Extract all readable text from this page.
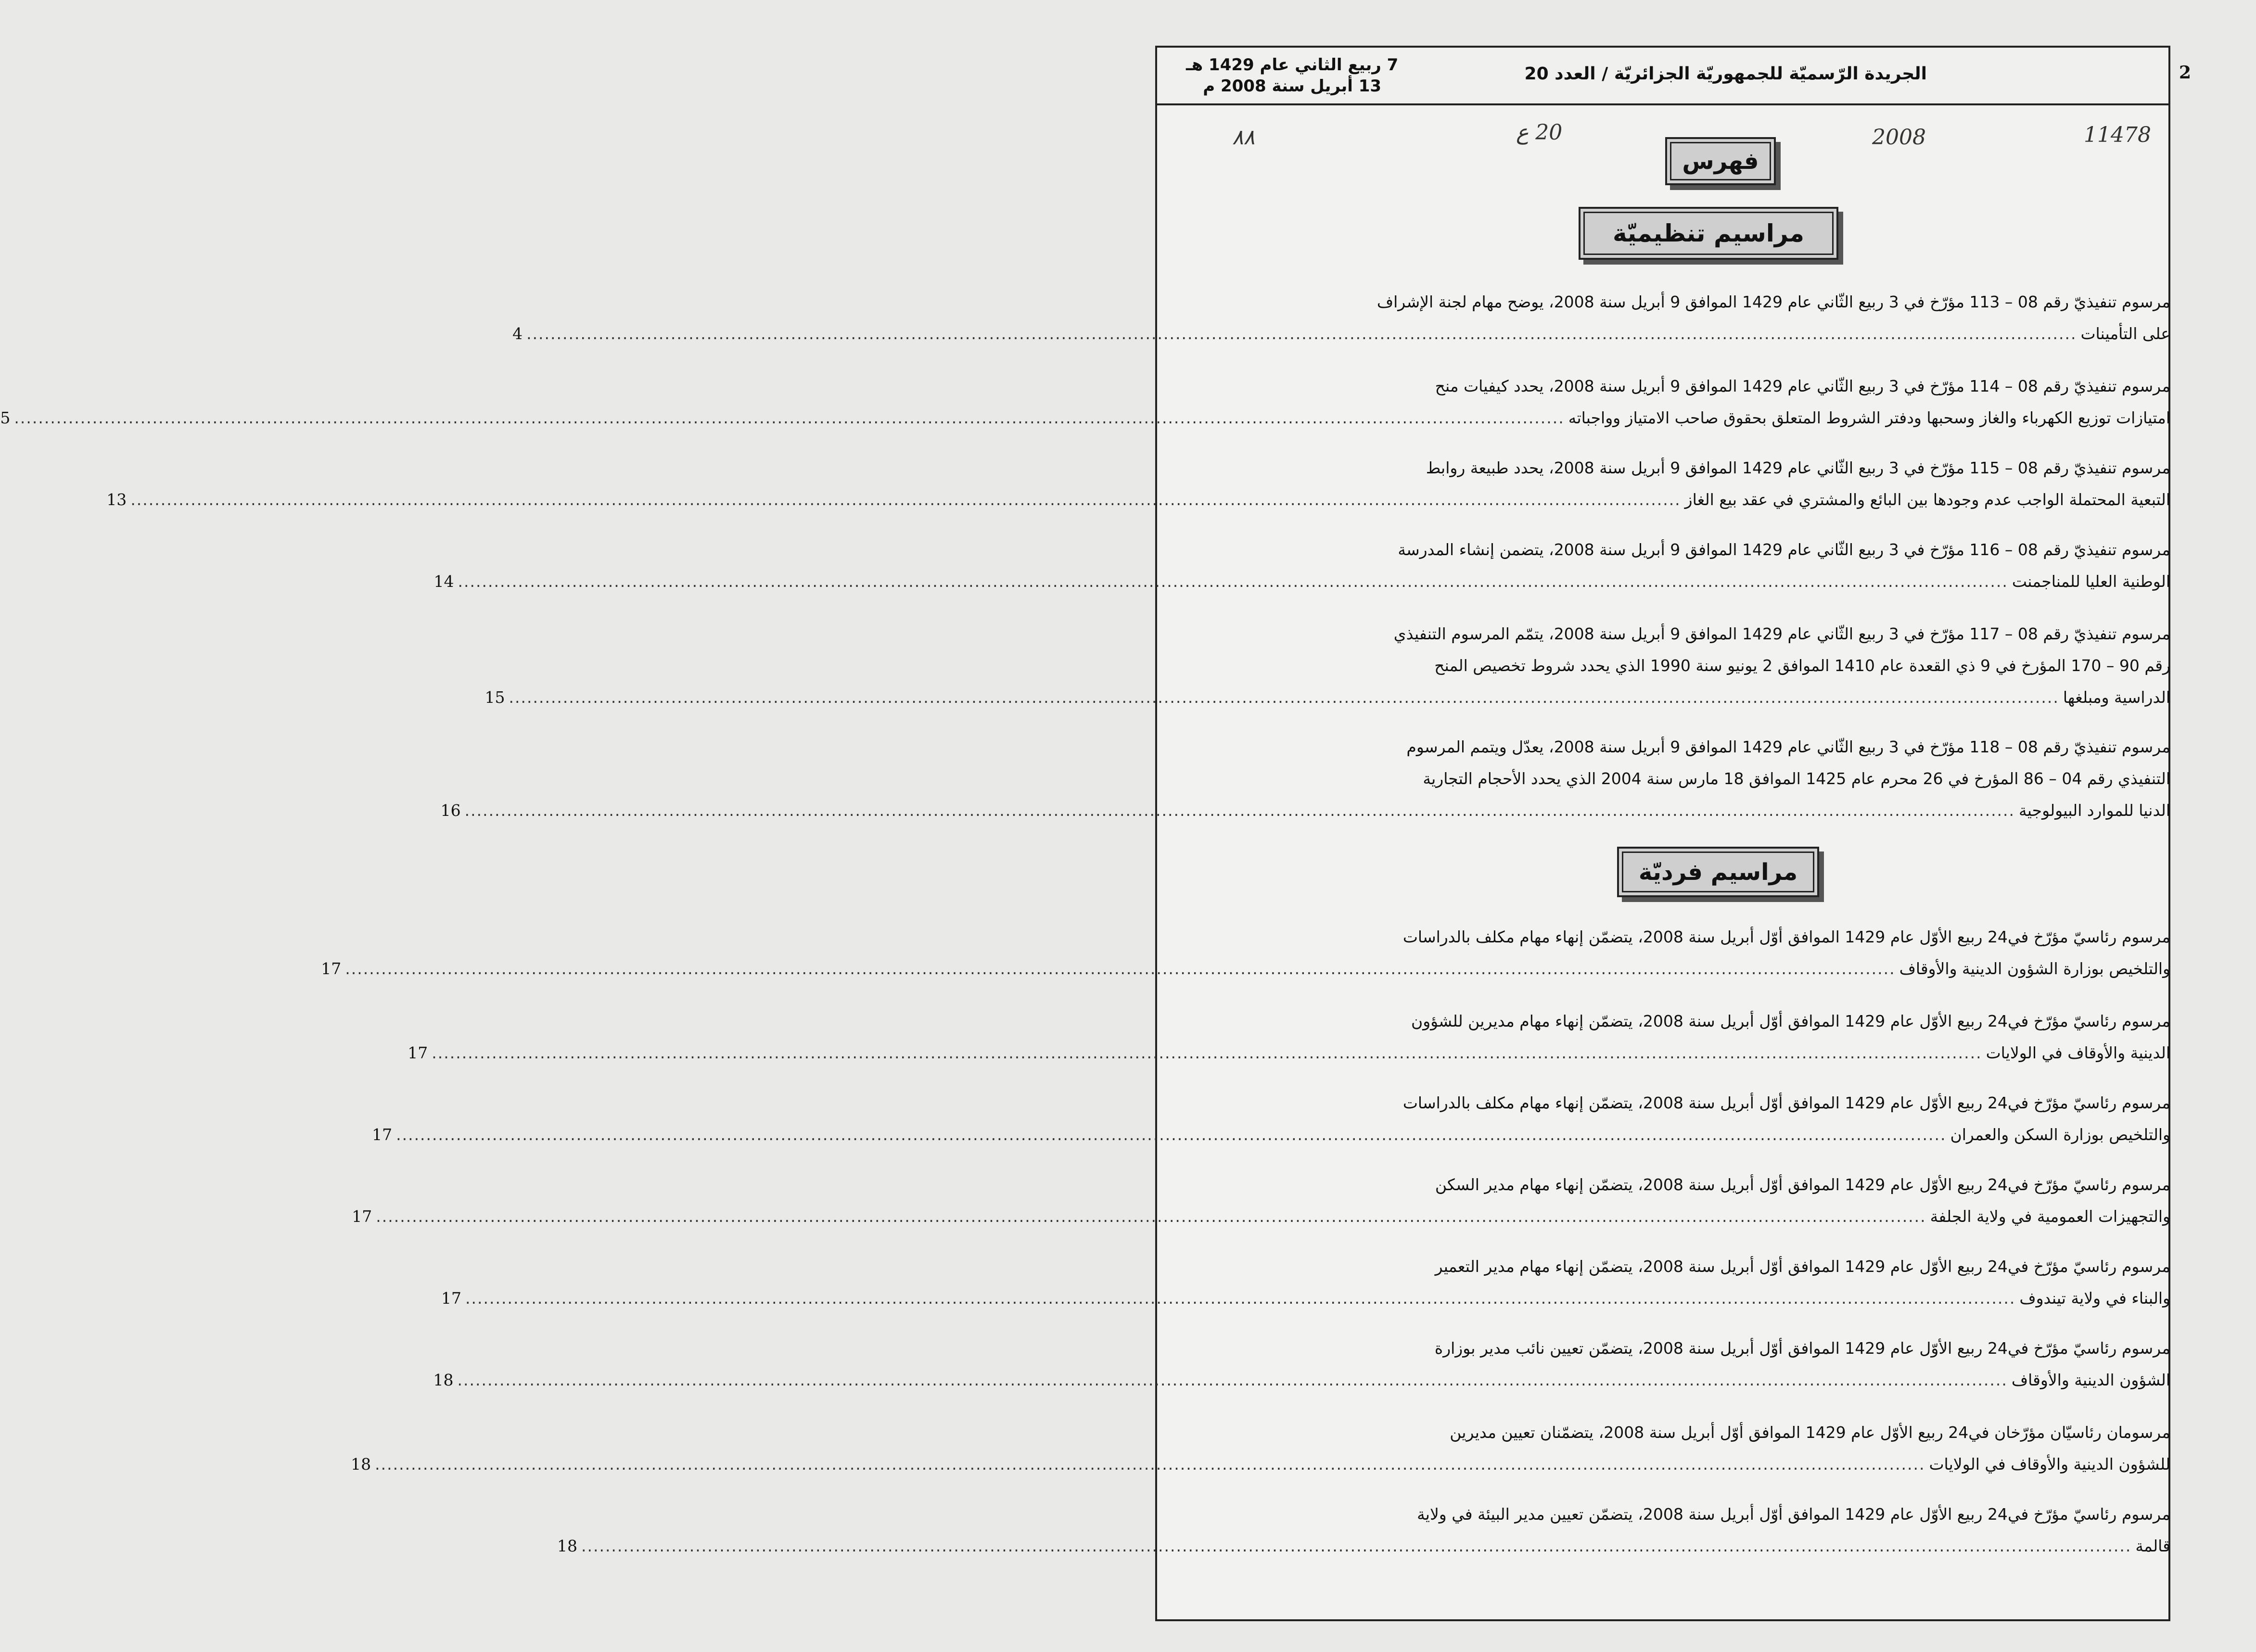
الجريدة الرّسميّة للجمهوريّة الجزائريّة / العدد 20
7 ربيع الثاني عام 1429 هـ
13 أبريل سنة 2008 م
2
11478
2008
20 ع
٨٨
فهرس
مراسيم تنظيميّة
مرسوم تنفيذيّ رقم 08 – 113 مؤرّخ في 3 ربيع الثّاني عام 1429 الموافق 9 أبريل سنة 2008، يوضح مهام لجنة الإشراف
على التأمينات
..................................................................................................................................................................................................................................................................
4
مرسوم تنفيذيّ رقم 08 – 114 مؤرّخ في 3 ربيع الثّاني عام 1429 الموافق 9 أبريل سنة 2008، يحدد كيفيات منح
امتيازات توزيع الكهرباء والغاز وسحبها ودفتر الشروط المتعلق بحقوق صاحب الامتياز وواجباته
..................................................................................................................................................................................................................................................................
5
مرسوم تنفيذيّ رقم 08 – 115 مؤرّخ في 3 ربيع الثّاني عام 1429 الموافق 9 أبريل سنة 2008، يحدد طبيعة روابط
التبعية المحتملة الواجب عدم وجودها بين البائع والمشتري في عقد بيع الغاز
..................................................................................................................................................................................................................................................................
13
مرسوم تنفيذيّ رقم 08 – 116 مؤرّخ في 3 ربيع الثّاني عام 1429 الموافق 9 أبريل سنة 2008، يتضمن إنشاء المدرسة
الوطنية العليا للمناجمنت
..................................................................................................................................................................................................................................................................
14
مرسوم تنفيذيّ رقم 08 – 117 مؤرّخ في 3 ربيع الثّاني عام 1429 الموافق 9 أبريل سنة 2008، يتمّم المرسوم التنفيذي
رقم 90 – 170 المؤرخ في 9 ذي القعدة عام 1410 الموافق 2 يونيو سنة 1990 الذي يحدد شروط تخصيص المنح
الدراسية ومبلغها
..................................................................................................................................................................................................................................................................
15
مرسوم تنفيذيّ رقم 08 – 118 مؤرّخ في 3 ربيع الثّاني عام 1429 الموافق 9 أبريل سنة 2008، يعدّل ويتمم المرسوم
التنفيذي رقم 04 – 86 المؤرخ في 26 محرم عام 1425 الموافق 18 مارس سنة 2004 الذي يحدد الأحجام التجارية
الدنيا للموارد البيولوجية
..................................................................................................................................................................................................................................................................
16
مراسيم فرديّة
مرسوم رئاسيّ مؤرّخ في24 ربيع الأوّل عام 1429 الموافق أوّل أبريل سنة 2008، يتضمّن إنهاء مهام مكلف بالدراسات
والتلخيص بوزارة الشؤون الدينية والأوقاف
..................................................................................................................................................................................................................................................................
17
مرسوم رئاسيّ مؤرّخ في24 ربيع الأوّل عام 1429 الموافق أوّل أبريل سنة 2008، يتضمّن إنهاء مهام مديرين للشؤون
الدينية والأوقاف في الولايات
..................................................................................................................................................................................................................................................................
17
مرسوم رئاسيّ مؤرّخ في24 ربيع الأوّل عام 1429 الموافق أوّل أبريل سنة 2008، يتضمّن إنهاء مهام مكلف بالدراسات
والتلخيص بوزارة السكن والعمران
..................................................................................................................................................................................................................................................................
17
مرسوم رئاسيّ مؤرّخ في24 ربيع الأوّل عام 1429 الموافق أوّل أبريل سنة 2008، يتضمّن إنهاء مهام مدير السكن
والتجهيزات العمومية في ولاية الجلفة
..................................................................................................................................................................................................................................................................
17
مرسوم رئاسيّ مؤرّخ في24 ربيع الأوّل عام 1429 الموافق أوّل أبريل سنة 2008، يتضمّن إنهاء مهام مدير التعمير
والبناء في ولاية تيندوف
..................................................................................................................................................................................................................................................................
17
مرسوم رئاسيّ مؤرّخ في24 ربيع الأوّل عام 1429 الموافق أوّل أبريل سنة 2008، يتضمّن تعيين نائب مدير بوزارة
الشؤون الدينية والأوقاف
..................................................................................................................................................................................................................................................................
18
مرسومان رئاسيّان مؤرّخان في24 ربيع الأوّل عام 1429 الموافق أوّل أبريل سنة 2008، يتضمّنان تعيين مديرين
للشؤون الدينية والأوقاف في الولايات
..................................................................................................................................................................................................................................................................
18
مرسوم رئاسيّ مؤرّخ في24 ربيع الأوّل عام 1429 الموافق أوّل أبريل سنة 2008، يتضمّن تعيين مدير البيئة في ولاية
قالمة
..................................................................................................................................................................................................................................................................
18
